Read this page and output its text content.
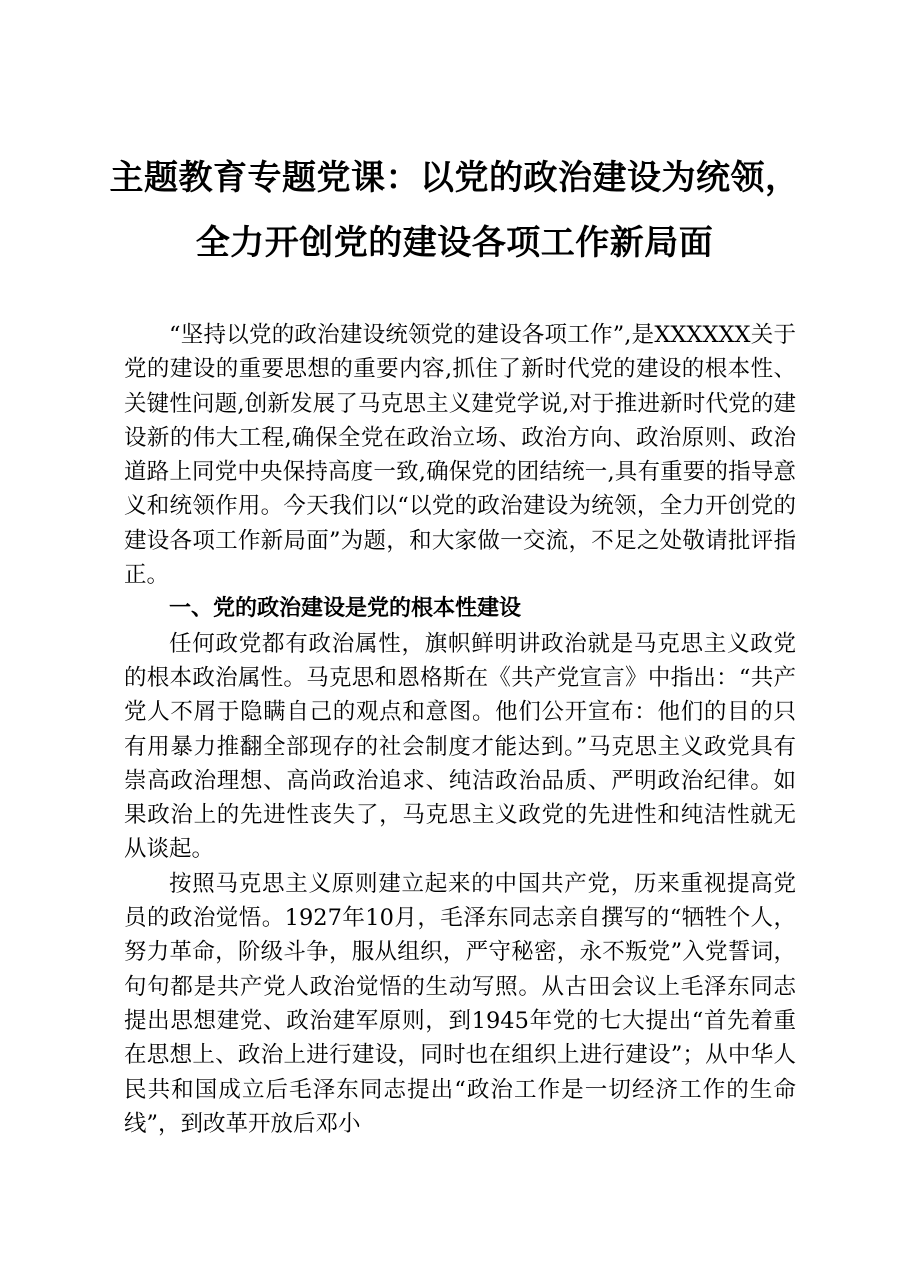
主题教育专题党课：以党的政治建设为统领，
全力开创党的建设各项工作新局面

“坚持以党的政治建设统领党的建设各项工作”,是XXXXXX关于党的建设的重要思想的重要内容,抓住了新时代党的建设的根本性、关键性问题,创新发展了马克思主义建党学说,对于推进新时代党的建设新的伟大工程,确保全党在政治立场、政治方向、政治原则、政治道路上同党中央保持高度一致,确保党的团结统一,具有重要的指导意义和统领作用。今天我们以“以党的政治建设为统领，全力开创党的建设各项工作新局面”为题，和大家做一交流，不足之处敬请批评指正。

一、党的政治建设是党的根本性建设

任何政党都有政治属性，旗帜鲜明讲政治就是马克思主义政党的根本政治属性。马克思和恩格斯在《共产党宣言》中指出：“共产党人不屑于隐瞒自己的观点和意图。他们公开宣布：他们的目的只有用暴力推翻全部现存的社会制度才能达到。”马克思主义政党具有崇高政治理想、高尚政治追求、纯洁政治品质、严明政治纪律。如果政治上的先进性丧失了，马克思主义政党的先进性和纯洁性就无从谈起。

按照马克思主义原则建立起来的中国共产党，历来重视提高党员的政治觉悟。1927年10月，毛泽东同志亲自撰写的“牺牲个人，努力革命，阶级斗争，服从组织，严守秘密，永不叛党”入党誓词，句句都是共产党人政治觉悟的生动写照。从古田会议上毛泽东同志提出思想建党、政治建军原则，到1945年党的七大提出“首先着重在思想上、政治上进行建设，同时也在组织上进行建设”；从中华人民共和国成立后毛泽东同志提出“政治工作是一切经济工作的生命线”，到改革开放后邓小
